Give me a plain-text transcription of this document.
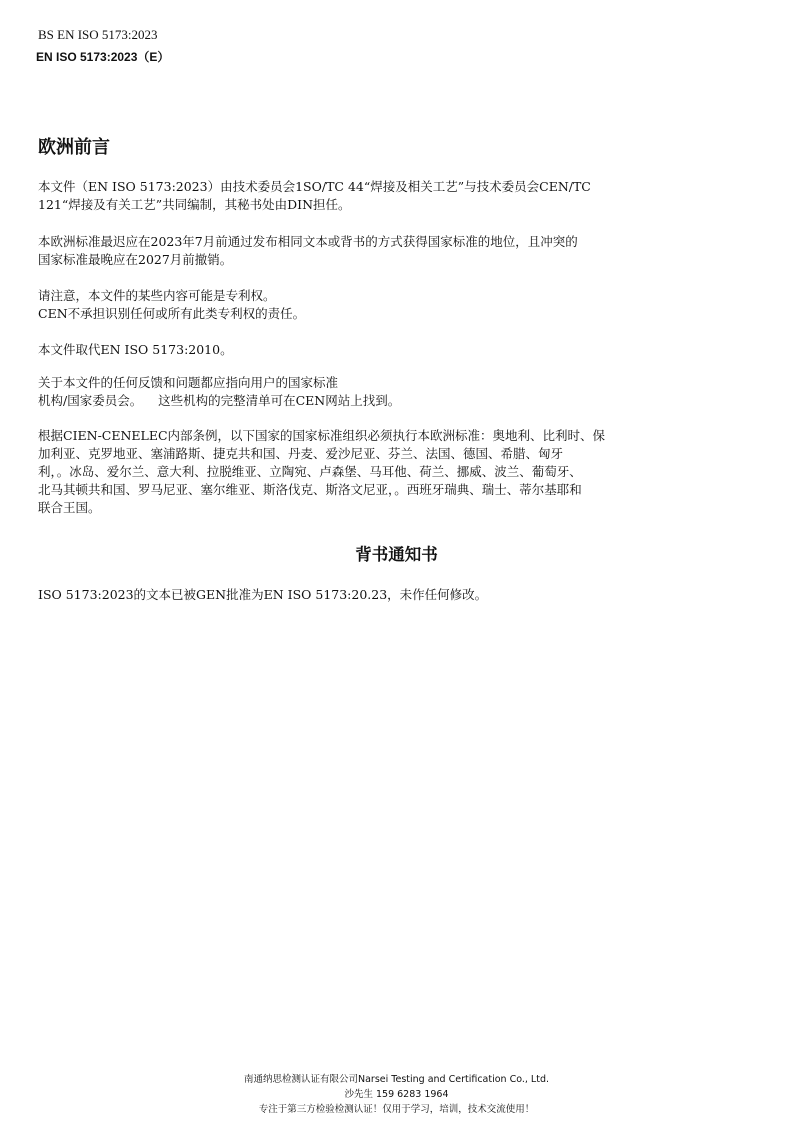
BS EN ISO 5173:2023
EN ISO 5173:2023（E）
欧洲前言

本文件（EN ISO 5173:2023）由技术委员会1SO/TC 44“焊接及相关工艺”与技术委员会CEN/TC
121“焊接及有关工艺”共同编制，其秘书处由DIN担任。

本欧洲标准最迟应在2023年7月前通过发布相同文本或背书的方式获得国家标准的地位，且冲突的
国家标准最晚应在2027月前撤销。

请注意，本文件的某些内容可能是专利权。
CEN不承担识别任何或所有此类专利权的责任。

本文件取代EN ISO 5173:2010。

关于本文件的任何反馈和问题都应指向用户的国家标准
机构/国家委员会。    这些机构的完整清单可在CEN网站上找到。

根据CIEN-CENELEC内部条例，以下国家的国家标准组织必须执行本欧洲标准：奥地利、比利时、保
加利亚、克罗地亚、塞浦路斯、捷克共和国、丹麦、爱沙尼亚、芬兰、法国、德国、希腊、匈牙
利，。冰岛、爱尔兰、意大利、拉脱维亚、立陶宛、卢森堡、马耳他、荷兰、挪威、波兰、葡萄牙、
北马其顿共和国、罗马尼亚、塞尔维亚、斯洛伐克、斯洛文尼亚，。西班牙瑞典、瑞士、蒂尔基耶和
联合王国。

背书通知书

ISO 5173:2023的文本已被GEN批准为EN ISO 5173:20.23，未作任何修改。

南通纳思检测认证有限公司Narsei Testing and Certification Co., Ltd.
沙先生 159 6283 1964
专注于第三方检验检测认证！仅用于学习，培训，技术交流使用！
